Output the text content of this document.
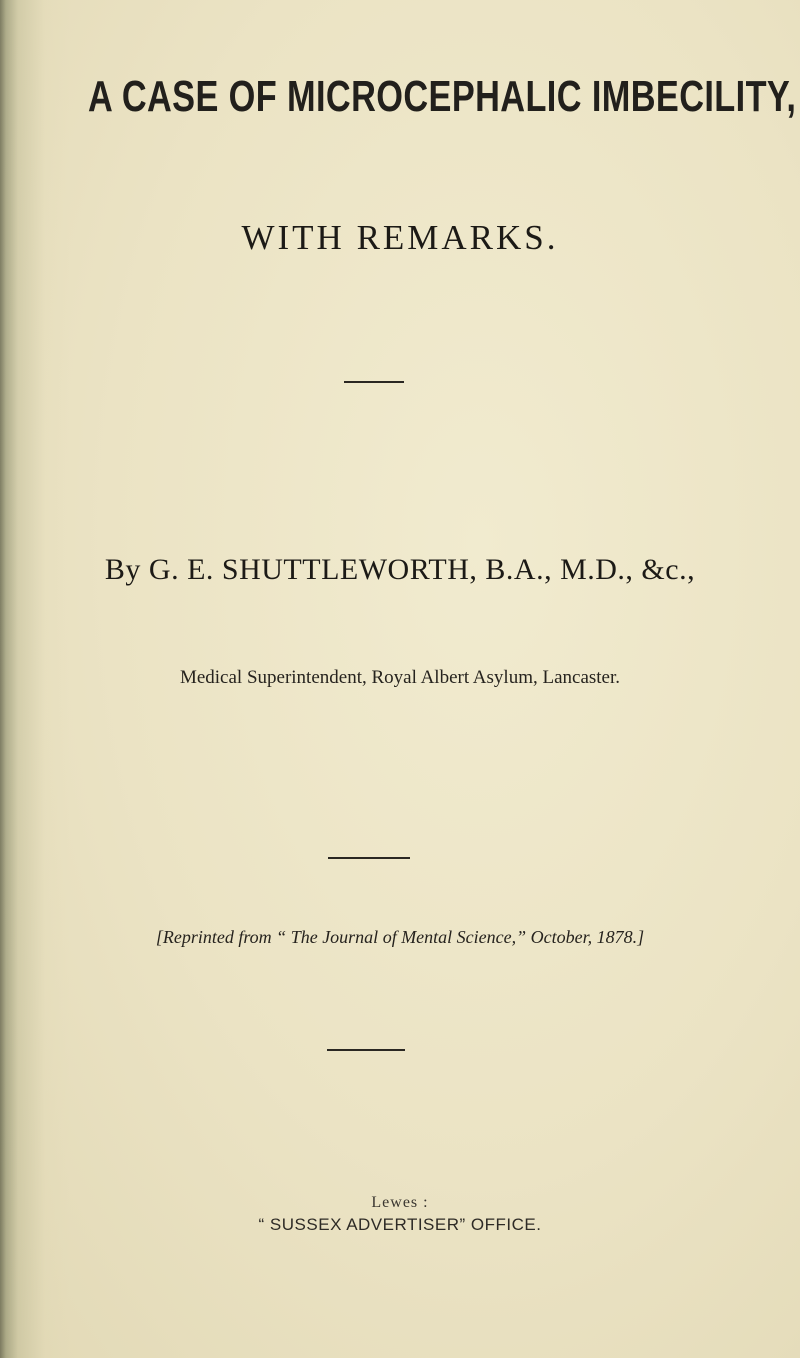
A CASE OF MICROCEPHALIC IMBECILITY,
WITH REMARKS.
By G. E. SHUTTLEWORTH, B.A., M.D., &c.,
Medical Superintendent, Royal Albert Asylum, Lancaster.
[Reprinted from “ The Journal of Mental Science,” October, 1878.]
Lewes :
“ SUSSEX ADVERTISER” OFFICE.
